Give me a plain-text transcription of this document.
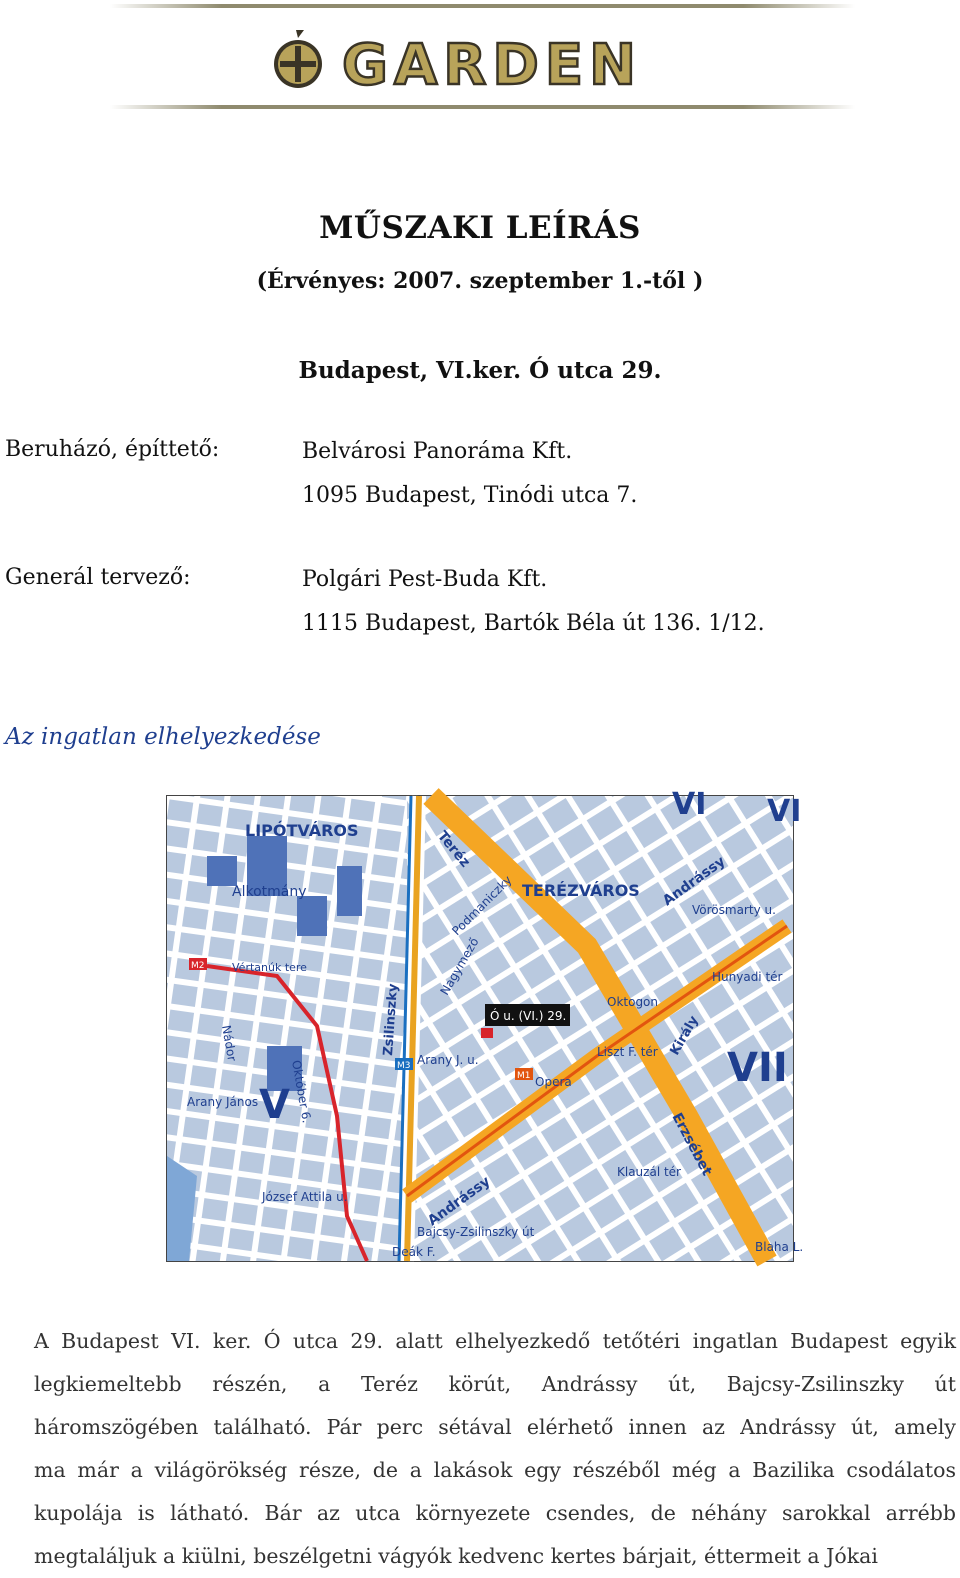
GARDEN
MŰSZAKI LEÍRÁS
(Érvényes: 2007. szeptember 1.-től )
Budapest, VI.ker. Ó utca 29.
Beruházó, építtető:	Belvárosi Panoráma Kft.
1095 Budapest, Tinódi utca 7.
Generál tervező:	Polgári Pest-Buda Kft.
1115 Budapest, Bartók Béla út 136. 1/12.
Az ingatlan elhelyezkedése
Ó u. (VI.) 29.
LIPÓTVÁROS
TERÉZVÁROS
V
VII
VI VI
Zsilinszky
Andrássy
Andrássy
Teréz
Erzsébet
Oktogon
Opera
Vörösmarty u.
Bajcsy-Zsilinszky út
Arany J. u.
Blaha L.
Deák F.
Alkotmány
Október 6.
Nádor
Arany János
Liszt F. tér
Hunyadi tér
Klauzál tér
Király
József Attila u.
Vértanúk tere	Nagymező
Podmaniczky
M2
M3
M1
A Budapest VI. ker. Ó utca 29. alatt elhelyezkedő tetőtéri ingatlan Budapest egyik
legkiemeltebb részén, a Teréz körút, Andrássy út, Bajcsy-Zsilinszky út
háromszögében található. Pár perc sétával elérhető innen az Andrássy út, amely
ma már a világörökség része, de a lakások egy részéből még a Bazilika csodálatos
kupolája is látható. Bár az utca környezete csendes, de néhány sarokkal arrébb
megtaláljuk a kiülni, beszélgetni vágyók kedvenc kertes bárjait, éttermeit a Jókai
